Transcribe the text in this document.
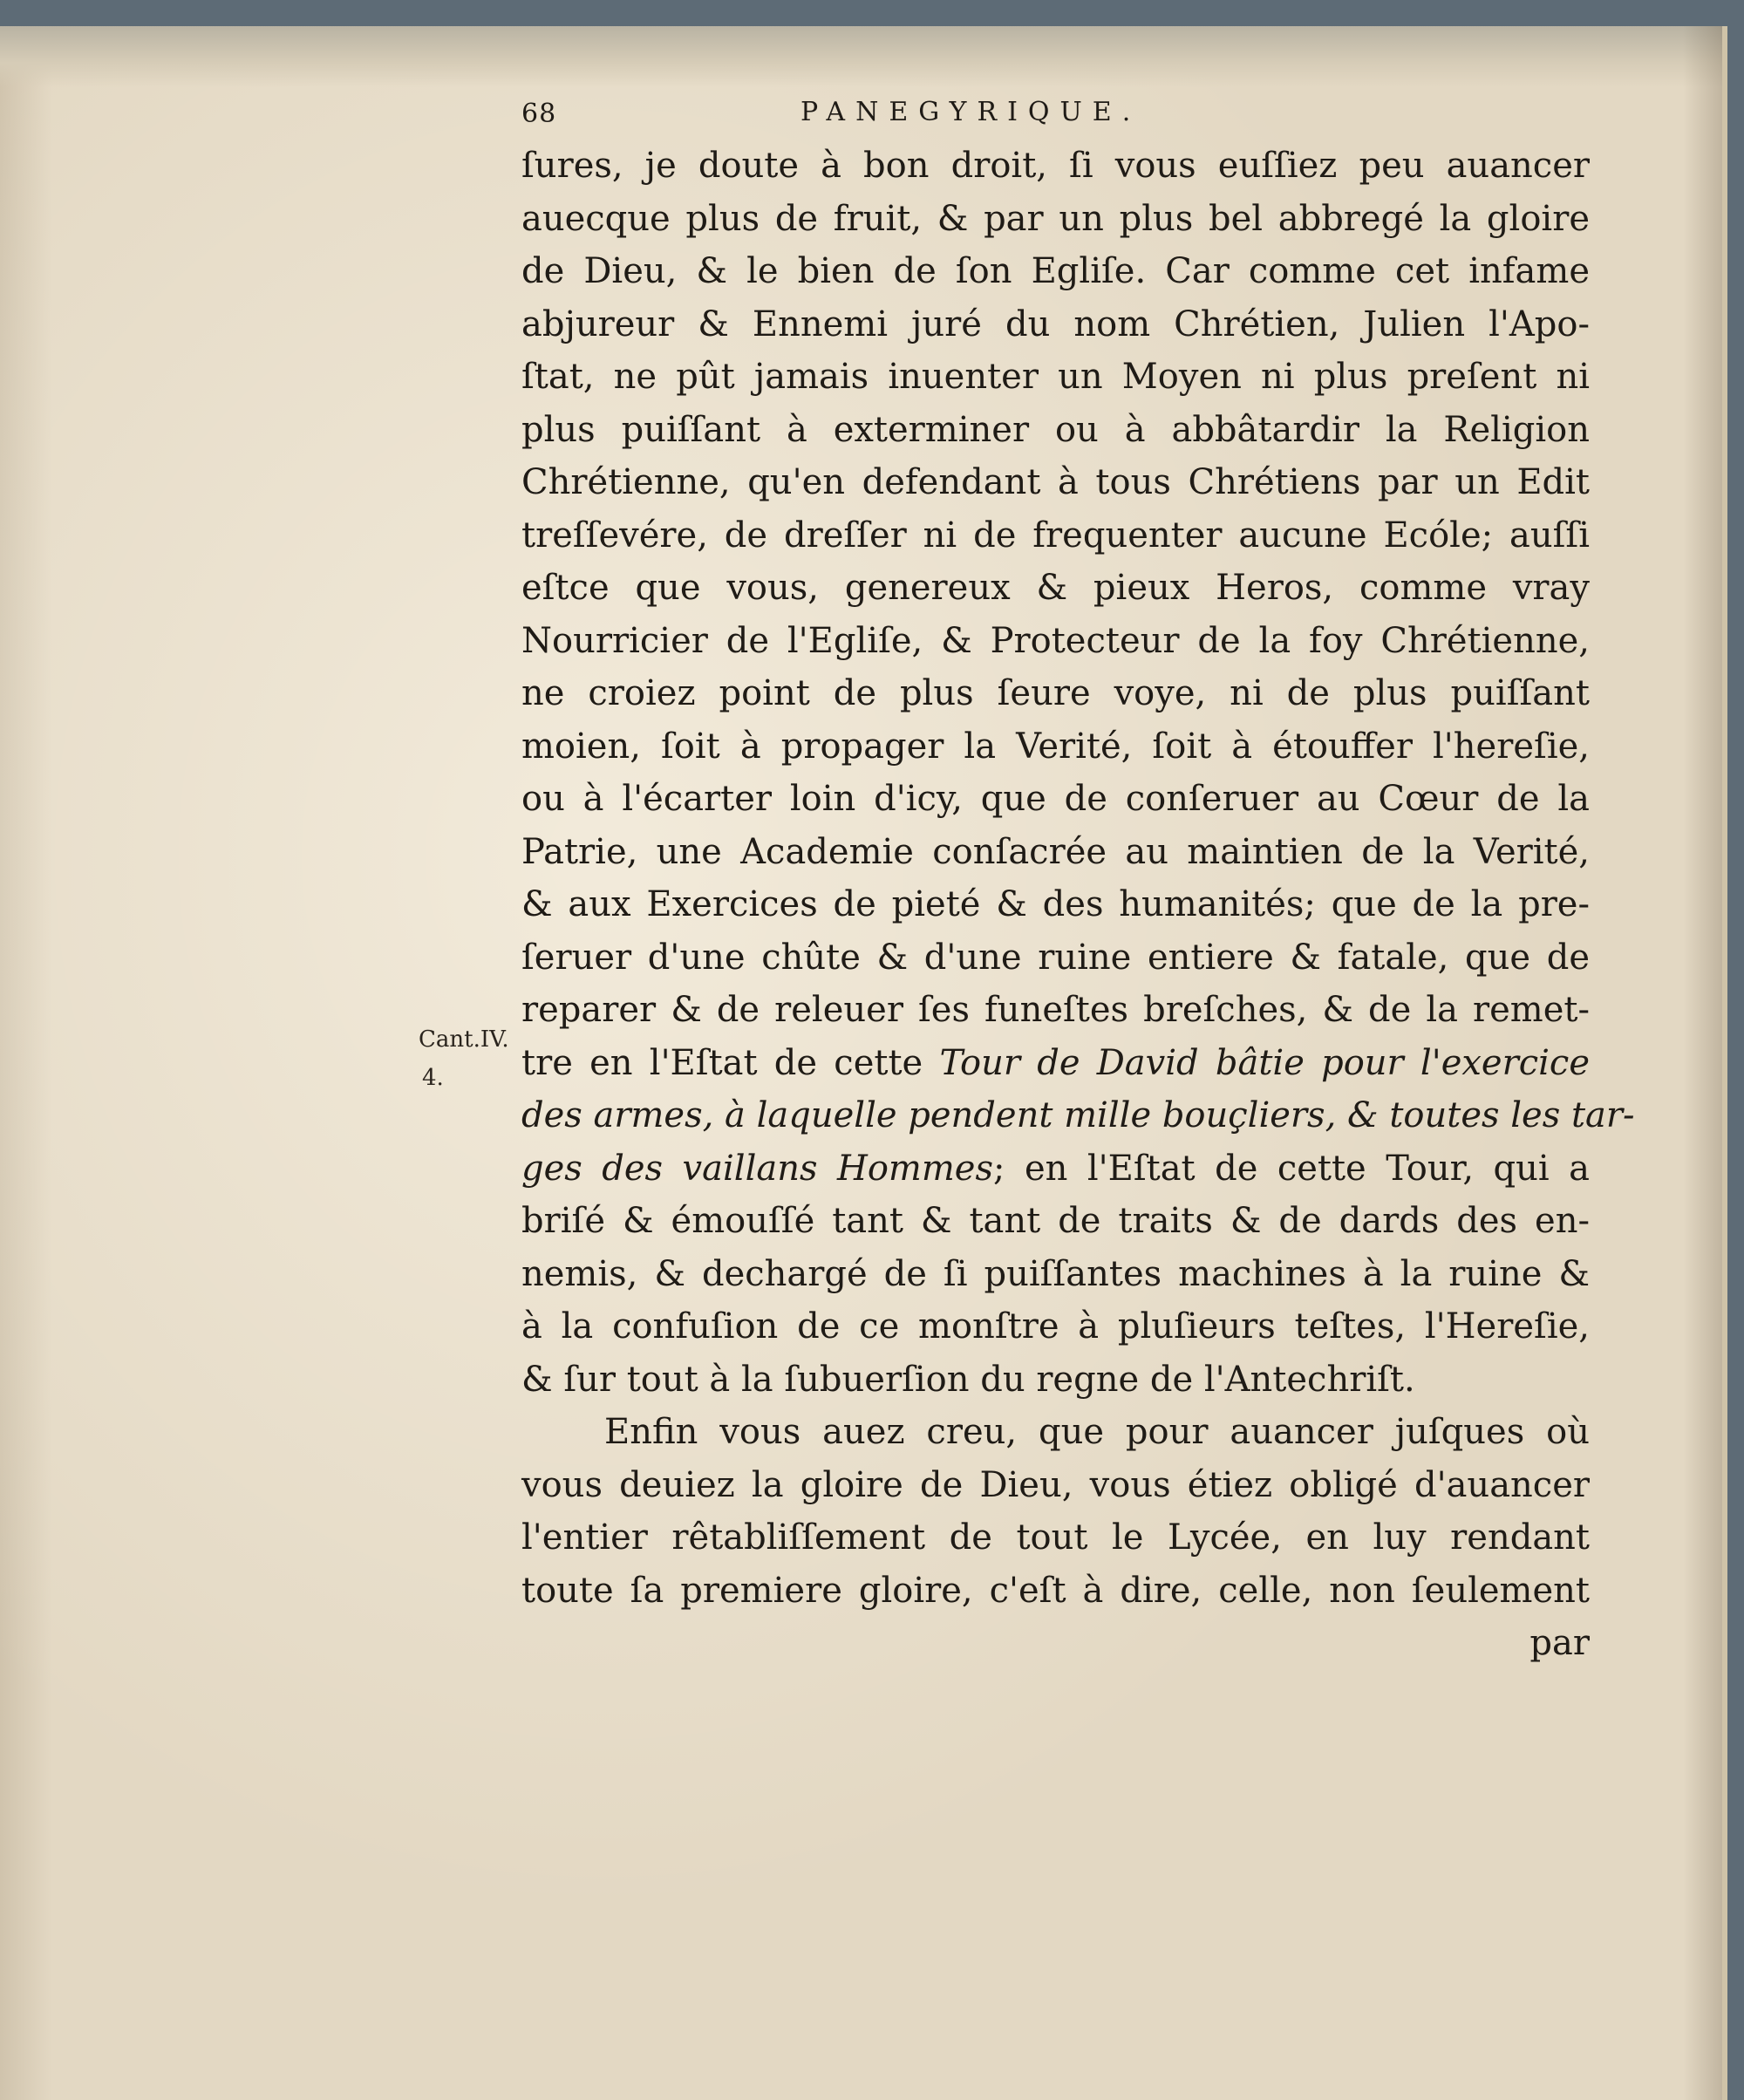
68	PANEGYRIQUE.
Cant.IV.
4.
ſures, je doute à bon droit, ſi vous euſſiez peu auancer
auecque plus de fruit, & par un plus bel abbregé la gloire
de Dieu, & le bien de ſon Egliſe. Car comme cet infame
abjureur & Ennemi juré du nom Chrétien, Julien l'Apo-
ſtat, ne pût jamais inuenter un Moyen ni plus preſent ni
plus puiſſant à exterminer ou à abbâtardir la Religion
Chrétienne, qu'en defendant à tous Chrétiens par un Edit
treſſevére, de dreſſer ni de frequenter aucune Ecóle; auſſi
eſtce que vous, genereux & pieux Heros, comme vray
Nourricier de l'Egliſe, & Protecteur de la foy Chrétienne,
ne croiez point de plus ſeure voye, ni de plus puiſſant
moien, ſoit à propager la Verité, ſoit à étouffer l'hereſie,
ou à l'écarter loin d'icy, que de conſeruer au Cœur de la
Patrie, une Academie conſacrée au maintien de la Verité,
& aux Exercices de pieté & des humanités; que de la pre-
ſeruer d'une chûte & d'une ruine entiere & fatale, que de
reparer & de releuer ſes funeſtes breſches, & de la remet-
tre en l'Eſtat de cette Tour de David bâtie pour l'exercice
des armes, à laquelle pendent mille bouçliers, & toutes les tar-
ges des vaillans Hommes; en l'Eſtat de cette Tour, qui a
briſé & émouſſé tant & tant de traits & de dards des en-
nemis, & dechargé de ſi puiſſantes machines à la ruine &
à la confuſion de ce monſtre à pluſieurs teſtes, l'Hereſie,
& ſur tout à la ſubuerſion du regne de l'Antechriſt.
Enfin vous auez creu, que pour auancer juſques où
vous deuiez la gloire de Dieu, vous étiez obligé d'auancer
l'entier rêtabliſſement de tout le Lycée, en luy rendant
toute ſa premiere gloire, c'eſt à dire, celle, non ſeulement
par
